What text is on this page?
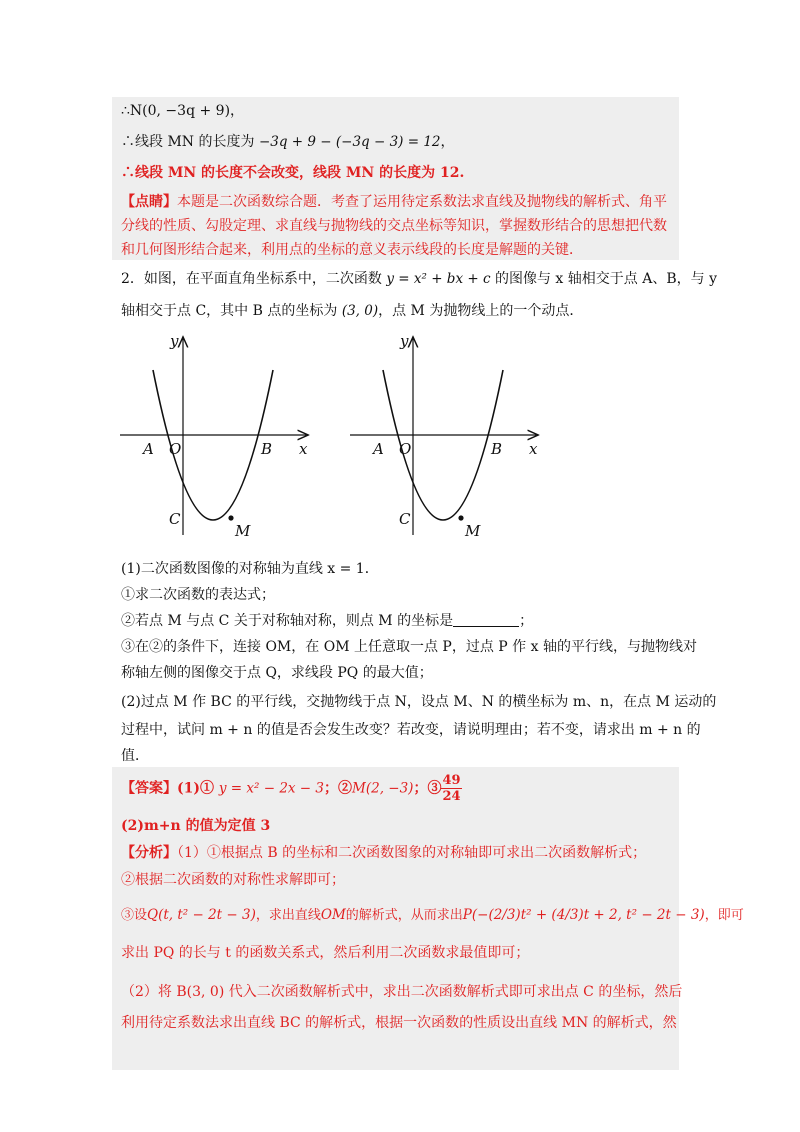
∴N(0, −3q + 9)，
∴线段 MN 的长度为 −3q + 9 − (−3q − 3) = 12，
∴线段 MN 的长度不会改变，线段 MN 的长度为 12.
【点睛】本题是二次函数综合题．考查了运用待定系数法求直线及抛物线的解析式、角平
分线的性质、勾股定理、求直线与抛物线的交点坐标等知识，掌握数形结合的思想把代数
和几何图形结合起来，利用点的坐标的意义表示线段的长度是解题的关键．
2．如图，在平面直角坐标系中，二次函数 y = x² + bx + c 的图像与 x 轴相交于点 A、B，与 y
轴相交于点 C，其中 B 点的坐标为 (3, 0)，点 M 为抛物线上的一个动点．
y
x
A O	B
C
M
y
x
A O	B
C
M
(1)二次函数图像的对称轴为直线 x = 1．
①求二次函数的表达式；
②若点 M 与点 C 关于对称轴对称，则点 M 的坐标是	；
③在②的条件下，连接 OM，在 OM 上任意取一点 P，过点 P 作 x 轴的平行线，与抛物线对
称轴左侧的图像交于点 Q，求线段 PQ 的最大值；
(2)过点 M 作 BC 的平行线，交抛物线于点 N，设点 M、N 的横坐标为 m、n，在点 M 运动的
过程中，试问 m + n 的值是否会发生改变？若改变，请说明理由；若不变，请求出 m + n 的
值．
【答案】(1)① y = x² − 2x − 3；②M(2, −3)；③ $\frac{49}{24}$
(2)m+n 的值为定值 3
【分析】（1）①根据点 B 的坐标和二次函数图象的对称轴即可求出二次函数解析式；
②根据二次函数的对称性求解即可；
③设Q(t, t² − 2t − 3)，求出直线OM的解析式，从而求出P(−(2/3)t² + (4/3)t + 2, t² − 2t − 3)，即可
求出 PQ 的长与 t 的函数关系式，然后利用二次函数求最值即可；
（2）将 B(3, 0) 代入二次函数解析式中，求出二次函数解析式即可求出点 C 的坐标，然后
利用待定系数法求出直线 BC 的解析式，根据一次函数的性质设出直线 MN 的解析式，然
